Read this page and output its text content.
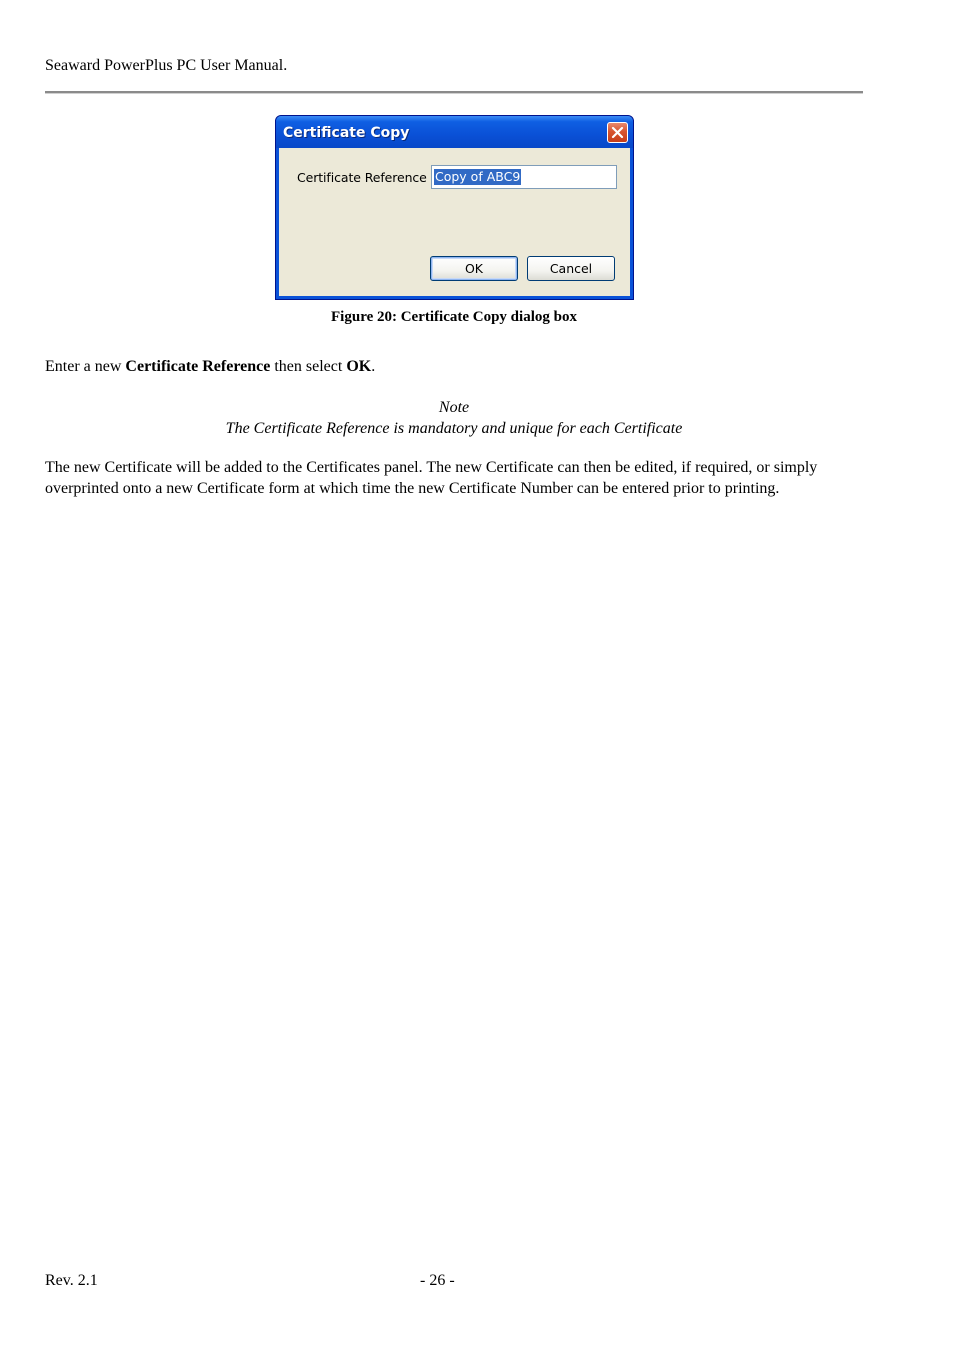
Seaward PowerPlus PC User Manual.
Certificate Copy
Certificate Reference Copy of ABC9
OK	Cancel
Figure 20: Certificate Copy dialog box
Enter a new Certificate Reference then select OK.
Note
The Certificate Reference is mandatory and unique for each Certificate
The new Certificate will be added to the Certificates panel. The new Certificate can then be edited, if required, or simply overprinted onto a new Certificate form at which time the new Certificate Number can be entered prior to printing.
Rev. 2.1	- 26 -
